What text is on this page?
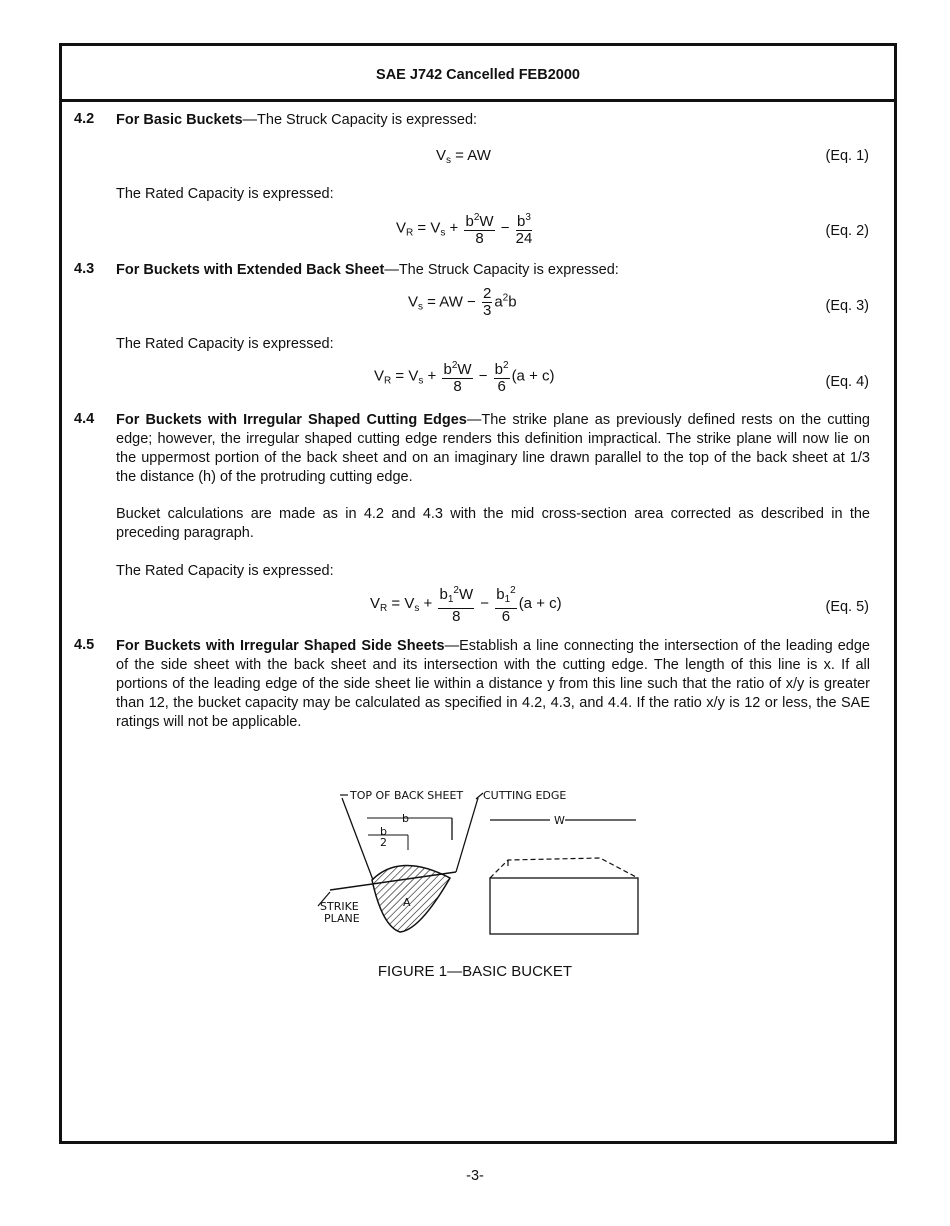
SAE J742 Cancelled FEB2000
4.2 For Basic Buckets—The Struck Capacity is expressed:
$V_s$ = AW	(Eq. 1)
The Rated Capacity is expressed:
$V_R = V_s + \frac{b^2W}{8} - \frac{b^3}{24}$	(Eq. 2)
4.3 For Buckets with Extended Back Sheet—The Struck Capacity is expressed:
$V_s$ = AW − $\frac{2}{3} a^2b$	(Eq. 3)
The Rated Capacity is expressed:
$V_R = V_s + \frac{b^2W}{8} - \frac{b^2}{6} (a + c)$	(Eq. 4)
4.4 For Buckets with Irregular Shaped Cutting Edges—The strike plane as previously defined rests on the cutting edge; however, the irregular shaped cutting edge renders this definition impractical. The strike plane will now lie on the uppermost portion of the back sheet and on an imaginary line drawn parallel to the top of the back sheet at 1/3 the distance (h) of the protruding cutting edge.
Bucket calculations are made as in 4.2 and 4.3 with the mid cross-section area corrected as described in the preceding paragraph.
The Rated Capacity is expressed:
$V_R = V_s + \frac{b_1^2W}{8} - \frac{b_1^2}{6} (a + c)$	(Eq. 5)
4.5 For Buckets with Irregular Shaped Side Sheets—Establish a line connecting the intersection of the leading edge of the side sheet with the back sheet and its intersection with the cutting edge. The length of this line is x. If all portions of the leading edge of the side sheet lie within a distance y from this line such that the ratio of x/y is greater than 12, the bucket capacity may be calculated as specified in 4.2, 4.3, and 4.4. If the ratio x/y is 12 or less, the SAE ratings will not be applicable.
TOP OF BACK SHEET CUTTING EDGE
b
b
2
STRIKE
PLANE
A
W
FIGURE 1—BASIC BUCKET
-3-
